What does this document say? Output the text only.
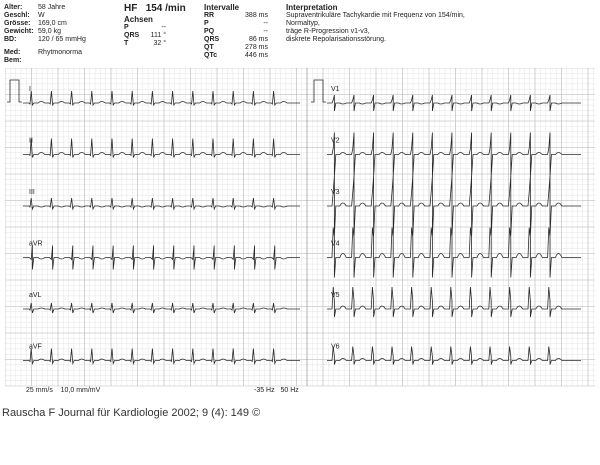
Alter: 58 Jahre
Geschl: W
Grösse: 169,0 cm
Gewicht: 59,0 kg
BD:	120 / 65 mmHg
Med:	Rhytmonorma
Bem:
HF 154 /min
Achsen
P	--
QRS 111 °
T	32 °
Intervalle
RR	388 ms
P	--
PQ	--
QRS	86 ms
QT	278 ms
QTc	446 ms
Interpretation
Supraventrikuläre Tachykardie mit Frequenz von 154/min,
Normaltyp,
träge R-Progression v1-v3,
diskrete Repolarisationsstörung.
I	V1
II	V2
III	V3
aVR	V4
aVL	V5
aVF	V6
25 mm/s 10,0 mm/mV	-35 Hz 50 Hz
Rauscha F Journal für Kardiologie 2002; 9 (4): 149 ©
